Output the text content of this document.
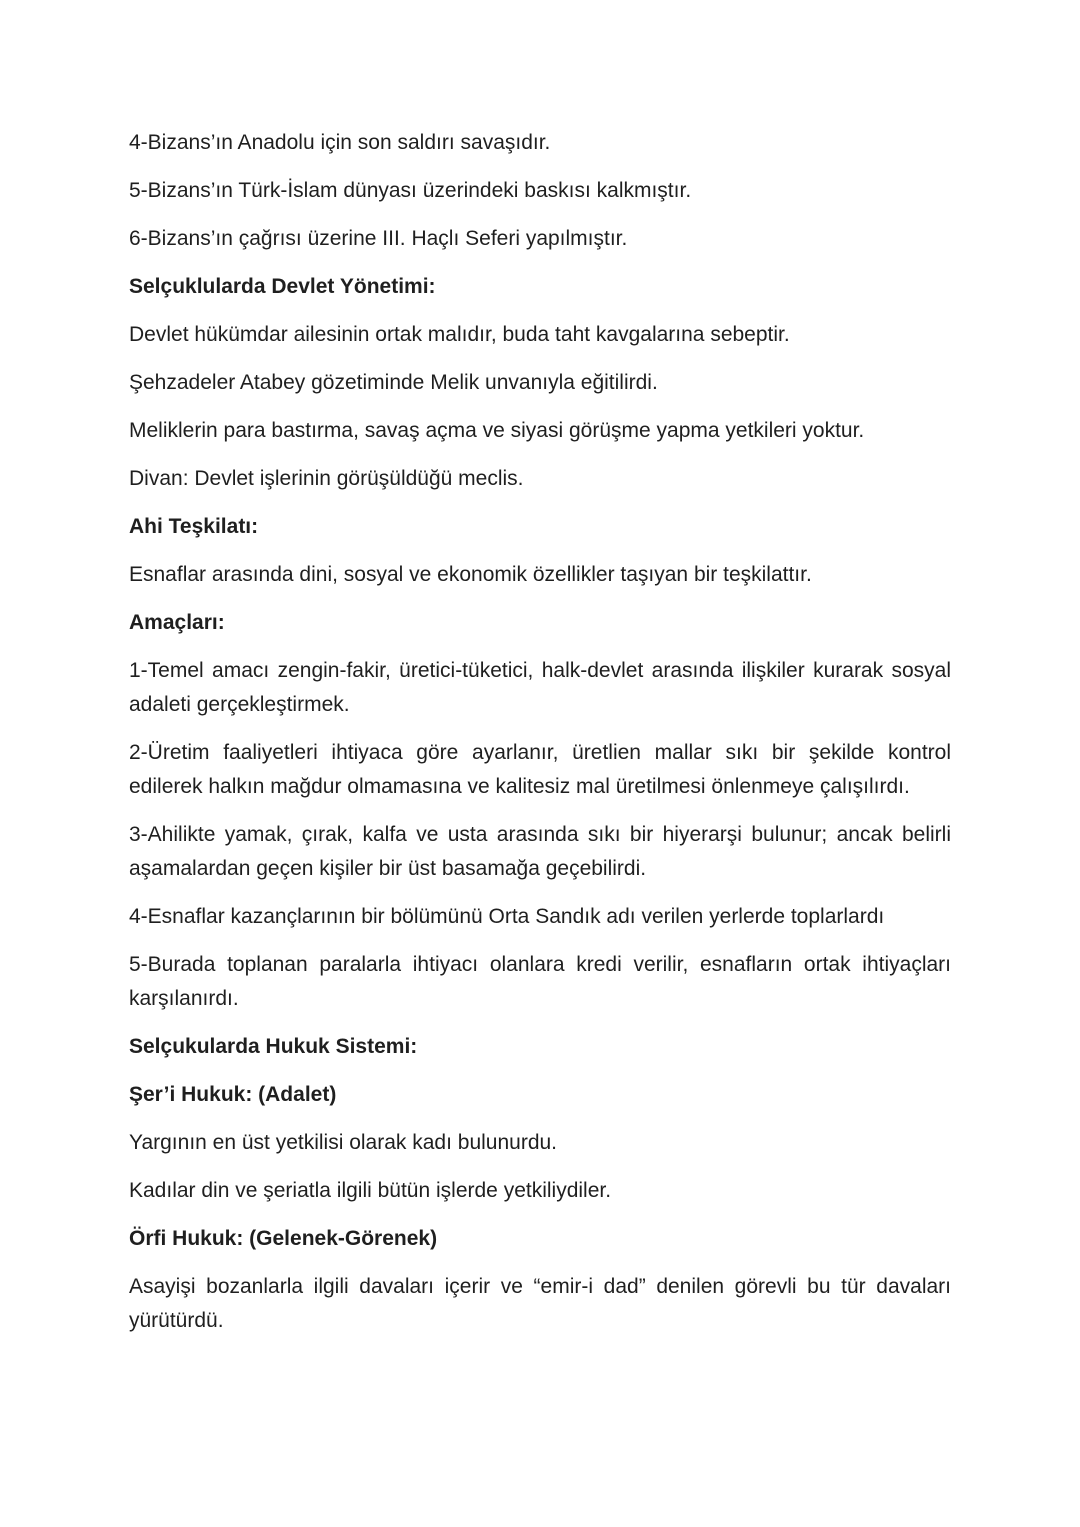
4-Bizans’ın Anadolu için son saldırı savaşıdır.

5-Bizans’ın Türk-İslam dünyası üzerindeki baskısı kalkmıştır.

6-Bizans’ın çağrısı üzerine III. Haçlı Seferi yapılmıştır.

Selçuklularda Devlet Yönetimi:

Devlet hükümdar ailesinin ortak malıdır, buda taht kavgalarına sebeptir.

Şehzadeler Atabey gözetiminde Melik unvanıyla eğitilirdi.

Meliklerin para bastırma, savaş açma ve siyasi görüşme yapma yetkileri yoktur.

Divan: Devlet işlerinin görüşüldüğü meclis.

Ahi Teşkilatı:

Esnaflar arasında dini, sosyal ve ekonomik özellikler taşıyan bir teşkilattır.

Amaçları:

1-Temel amacı zengin-fakir, üretici-tüketici, halk-devlet arasında ilişkiler kurarak sosyal adaleti gerçekleştirmek.

2-Üretim faaliyetleri ihtiyaca göre ayarlanır, üretlien mallar sıkı bir şekilde kontrol edilerek halkın mağdur olmamasına ve kalitesiz mal üretilmesi önlenmeye çalışılırdı.

3-Ahilikte yamak, çırak, kalfa ve usta arasında sıkı bir hiyerarşi bulunur; ancak belirli aşamalardan geçen kişiler bir üst basamağa geçebilirdi.

4-Esnaflar kazançlarının bir bölümünü Orta Sandık adı verilen yerlerde toplarlardı

5-Burada toplanan paralarla ihtiyacı olanlara kredi verilir, esnafların ortak ihtiyaçları karşılanırdı.

Selçukularda Hukuk Sistemi:

Şer’i Hukuk: (Adalet)

Yargının en üst yetkilisi olarak kadı bulunurdu.

Kadılar din ve şeriatla ilgili bütün işlerde yetkiliydiler.

Örfi Hukuk: (Gelenek-Görenek)

Asayişi bozanlarla ilgili davaları içerir ve “emir-i dad” denilen görevli bu tür davaları yürütürdü.
